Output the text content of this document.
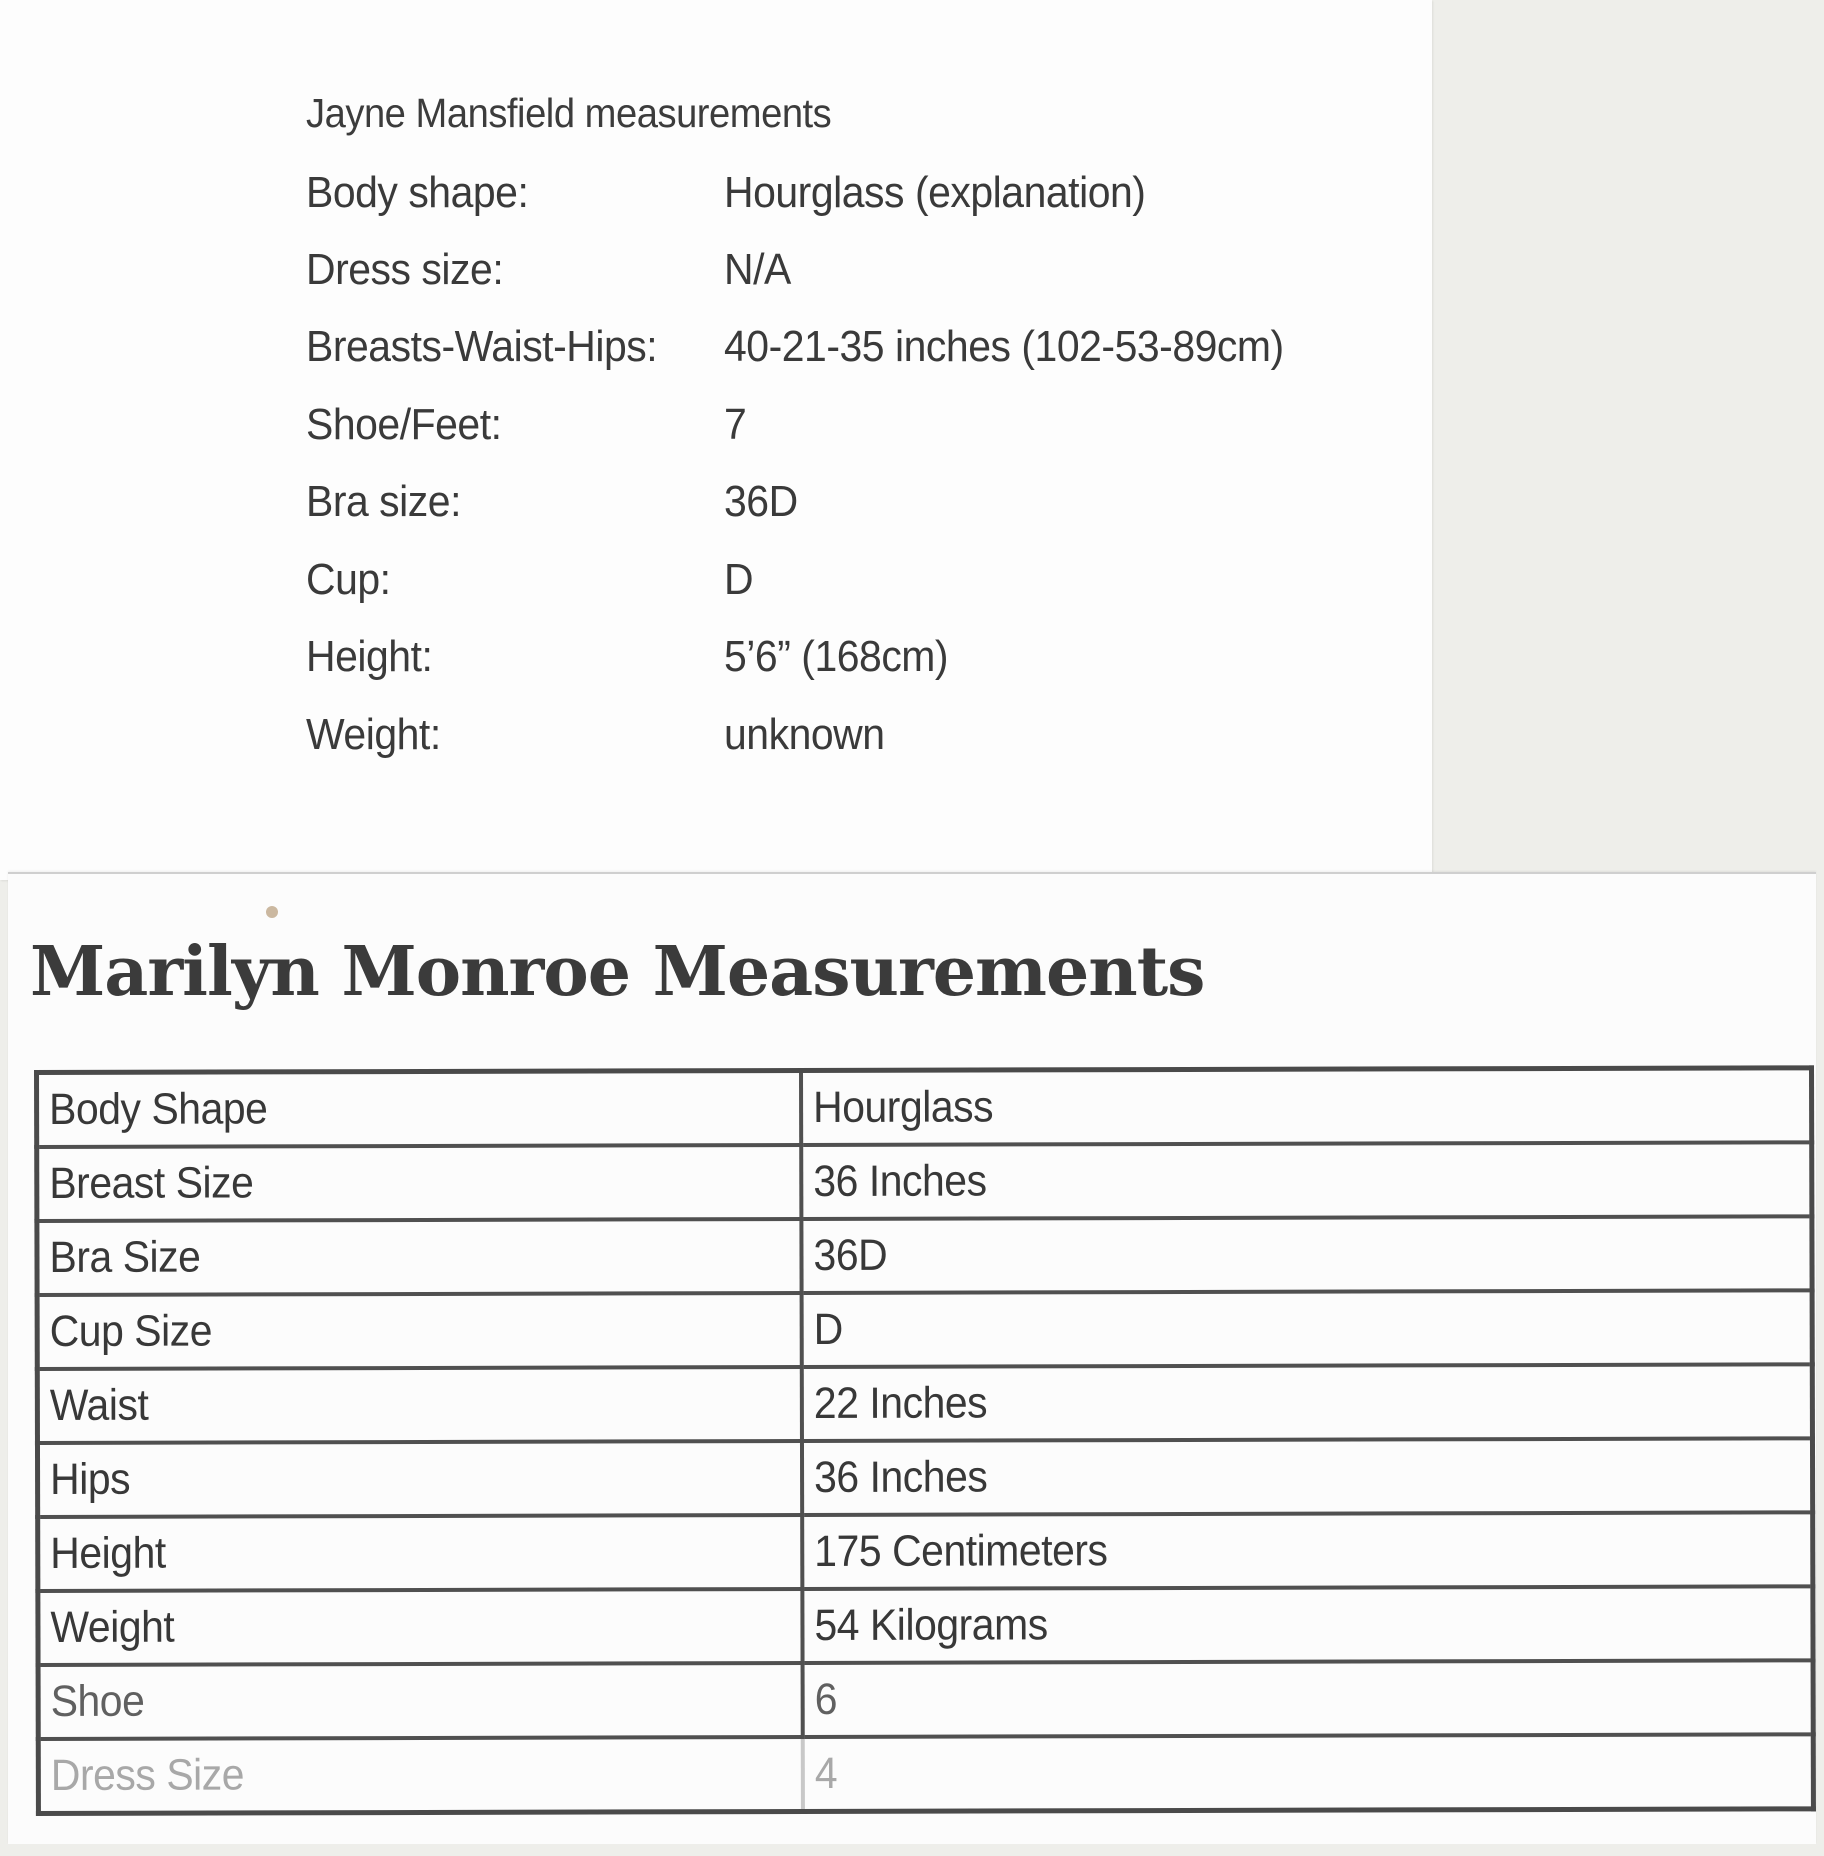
Jayne Mansfield measurements
Body shape:	Hourglass (explanation)
Dress size:	N/A
Breasts-Waist-Hips: 40-21-35 inches (102-53-89cm)
Shoe/Feet:	7
Bra size:	36D
Cup:	D
Height:	5’6” (168cm)
Weight:	unknown
Marilyn Monroe Measurements
Body Shape	Hourglass
Breast Size	36 Inches
Bra Size	36D
Cup Size	D
Waist	22 Inches
Hips	36 Inches
Height	175 Centimeters
Weight	54 Kilograms
Shoe	6
Dress Size	4
